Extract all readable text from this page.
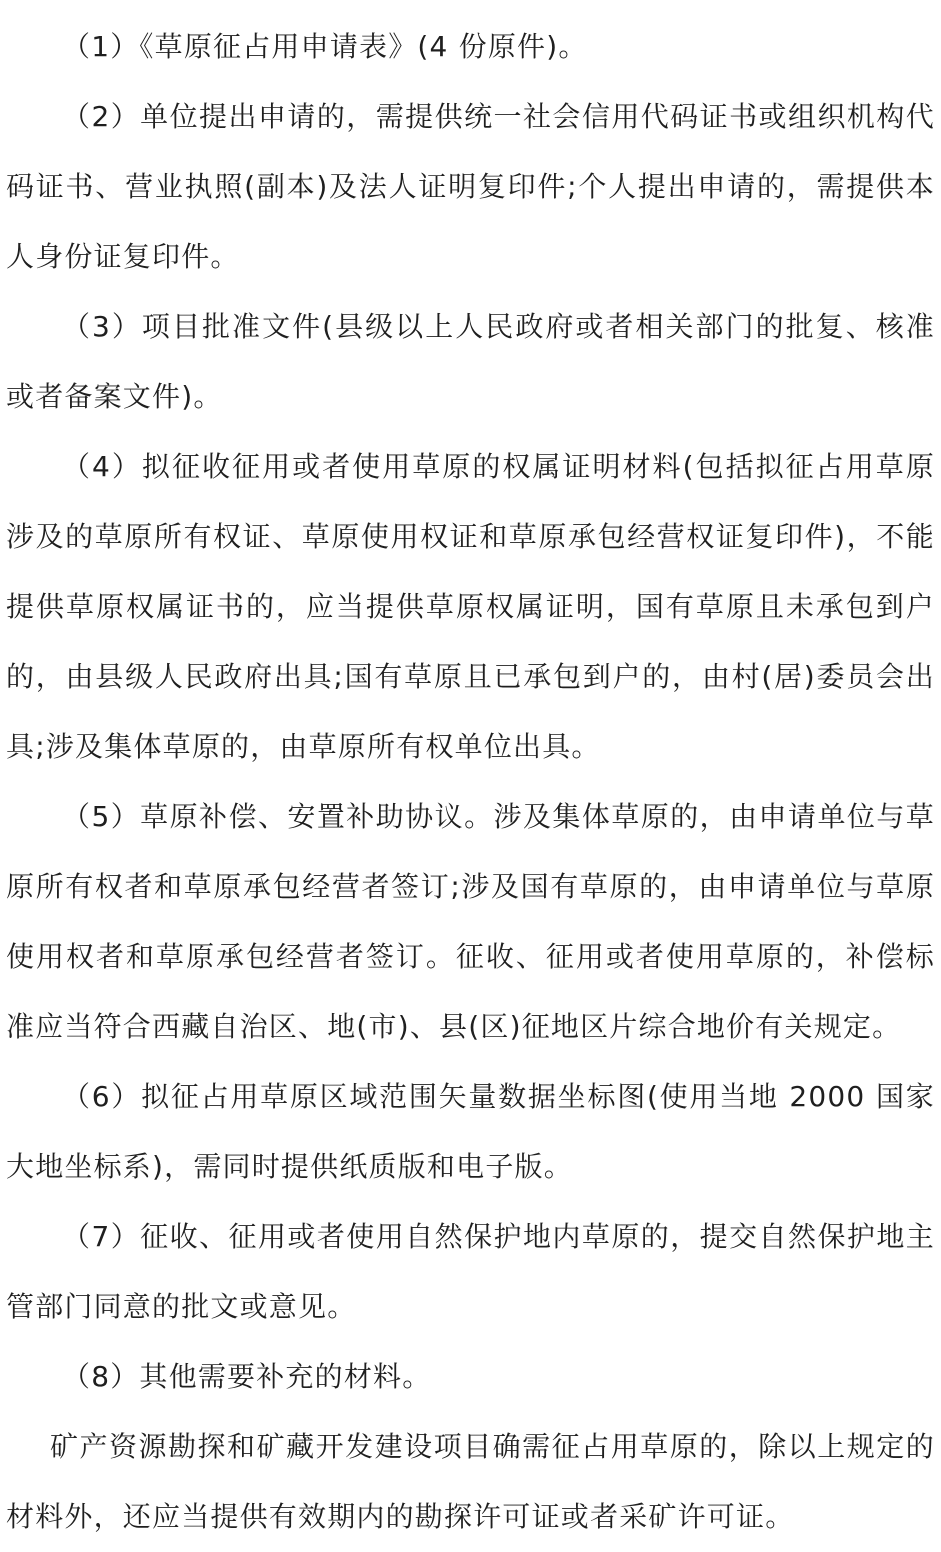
（1）《草原征占用申请表》(4 份原件)。

（2）单位提出申请的，需提供统一社会信用代码证书或组织机构代码证书、营业执照(副本)及法人证明复印件;个人提出申请的，需提供本人身份证复印件。

（3）项目批准文件(县级以上人民政府或者相关部门的批复、核准或者备案文件)。

（4）拟征收征用或者使用草原的权属证明材料(包括拟征占用草原涉及的草原所有权证、草原使用权证和草原承包经营权证复印件)，不能提供草原权属证书的，应当提供草原权属证明，国有草原且未承包到户的，由县级人民政府出具;国有草原且已承包到户的，由村(居)委员会出具;涉及集体草原的，由草原所有权单位出具。

（5）草原补偿、安置补助协议。涉及集体草原的，由申请单位与草原所有权者和草原承包经营者签订;涉及国有草原的，由申请单位与草原使用权者和草原承包经营者签订。征收、征用或者使用草原的，补偿标准应当符合西藏自治区、地(市)、县(区)征地区片综合地价有关规定。

（6）拟征占用草原区域范围矢量数据坐标图(使用当地 2000 国家大地坐标系)，需同时提供纸质版和电子版。

（7）征收、征用或者使用自然保护地内草原的，提交自然保护地主管部门同意的批文或意见。

（8）其他需要补充的材料。

矿产资源勘探和矿藏开发建设项目确需征占用草原的，除以上规定的材料外，还应当提供有效期内的勘探许可证或者采矿许可证。
